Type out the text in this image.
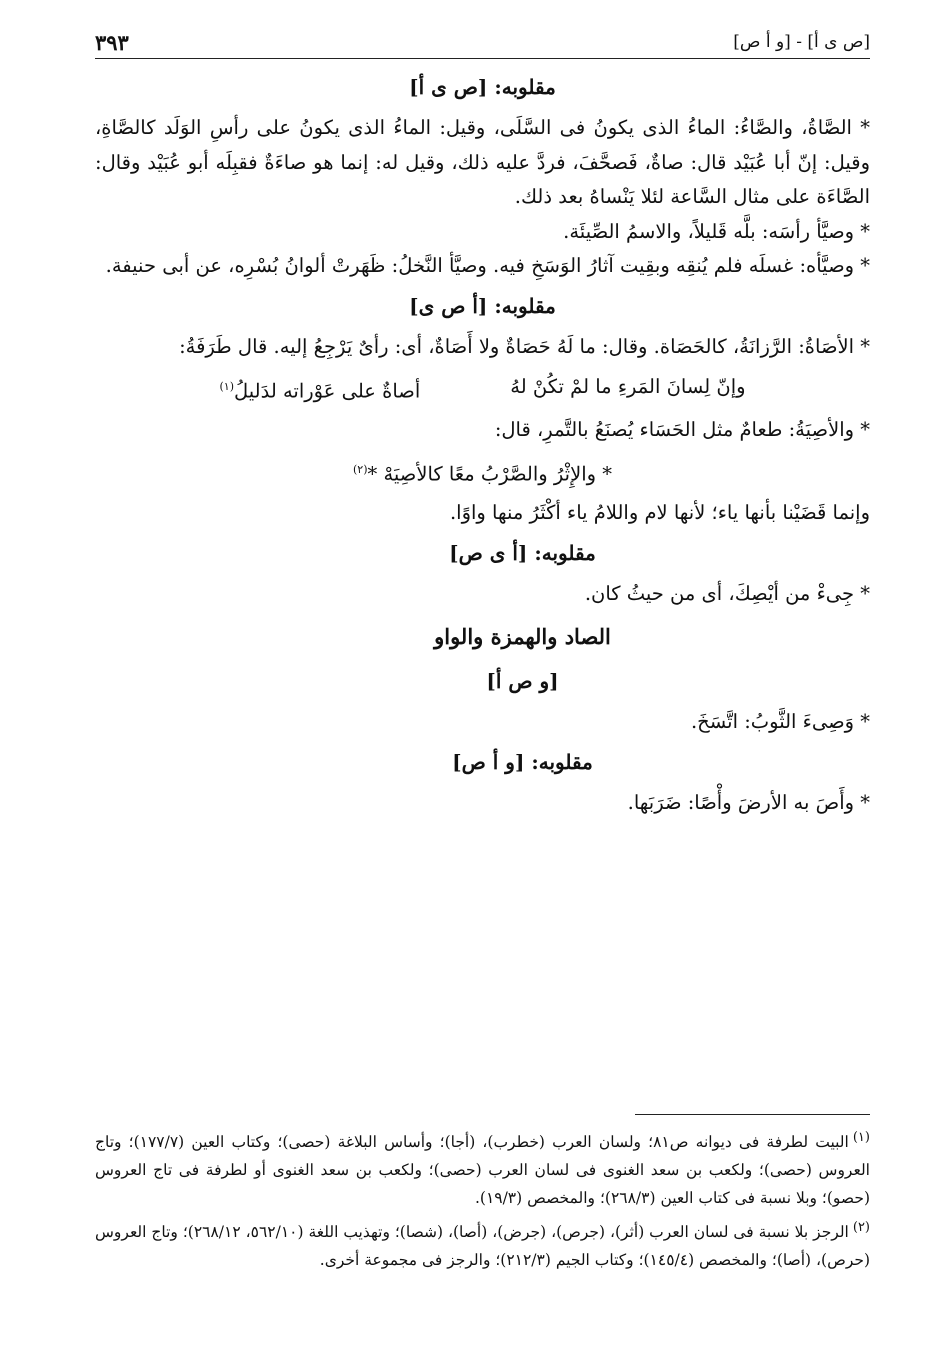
[ص ى أ] - [و أ ص]
٣٩٣
مقلوبه: [ص ى أ]

* الصَّاةُ، والصَّاءُ: الماءُ الذى يكونُ فى السَّلَى، وقيل: الماءُ الذى يكونُ على رأسِ الوَلَد كالصَّاةِ، وقيل: إنّ أبا عُبَيْد قال: صاةٌ، فَصحَّفَ، فردَّ عليه ذلك، وقيل له: إنما هو صاءَةٌ فقبِلَه أبو عُبَيْد وقال: الصَّاءَة على مثال السَّاعة لئلا يَنْساهُ بعد ذلك.

* وصيَّأ رأسَه: بلَّه قَليلاً، والاسمُ الصِّيئَة.

* وصيَّأه: غسلَه فلم يُنقِه وبقِيت آثارُ الوَسَخِ فيه. وصيَّأ النَّخلُ: ظَهَرتْ ألوانُ بُسْرِه، عن أبى حنيفة.

مقلوبه: [أ ص ى]

* الأصَاةُ: الرَّزانَةُ، كالحَصَاة. وقال: ما لَهُ حَصَاةٌ ولا أَصَاةٌ، أى: رأىٌ يَرْجِعُ إليه. قال طَرَفَةُ:

وإنّ لِسانَ المَرءِ ما لمْ تكُنْ لهُ
أصاةٌ على عَوْراته لدَليلُ$^{(١)}$

* والأصِيَةُ: طعامٌ مثل الحَسَاء يُصنَعُ بالتَّمرِ، قال:

* والإِثْرُ والصَّرْبُ معًا كالأصِيَهْ *$^{(٢)}$

وإنما قَضَيْنا بأنها ياء؛ لأنها لام واللامُ ياء أكْثَرُ منها واوًا.

مقلوبه: [أ ى ص]

* جِىءْ من أيْصِكَ، أى من حيثُ كان.

الصاد والهمزة والواو
[و ص أ]

* وَصِىءَ الثَّوبُ: اتَّسَخَ.

مقلوبه: [و أ ص]

* وأَصَ به الأرضَ وأْصًا: ضَرَبَها.

$^{(١)}$البيت لطرفة فى ديوانه ص٨١؛ ولسان العرب (خطرب)، (أجا)؛ وأساس البلاغة (حصى)؛ وكتاب العين (١٧٧/٧)؛ وتاج العروس (حصى)؛ ولكعب بن سعد الغنوى فى لسان العرب (حصى)؛ ولكعب بن سعد الغنوى أو لطرفة فى تاج العروس (حصو)؛ وبلا نسبة فى كتاب العين (٢٦٨/٣)؛ والمخصص (١٩/٣).

$^{(٢)}$الرجز بلا نسبة فى لسان العرب (أثر)، (جرص)، (جرض)، (أصا)، (شصا)؛ وتهذيب اللغة (٥٦٢/١٠، ٢٦٨/١٢)؛ وتاج العروس (حرص)، (أصا)؛ والمخصص (١٤٥/٤)؛ وكتاب الجيم (٢١٢/٣)؛ والرجز فى مجموعة أخرى.
